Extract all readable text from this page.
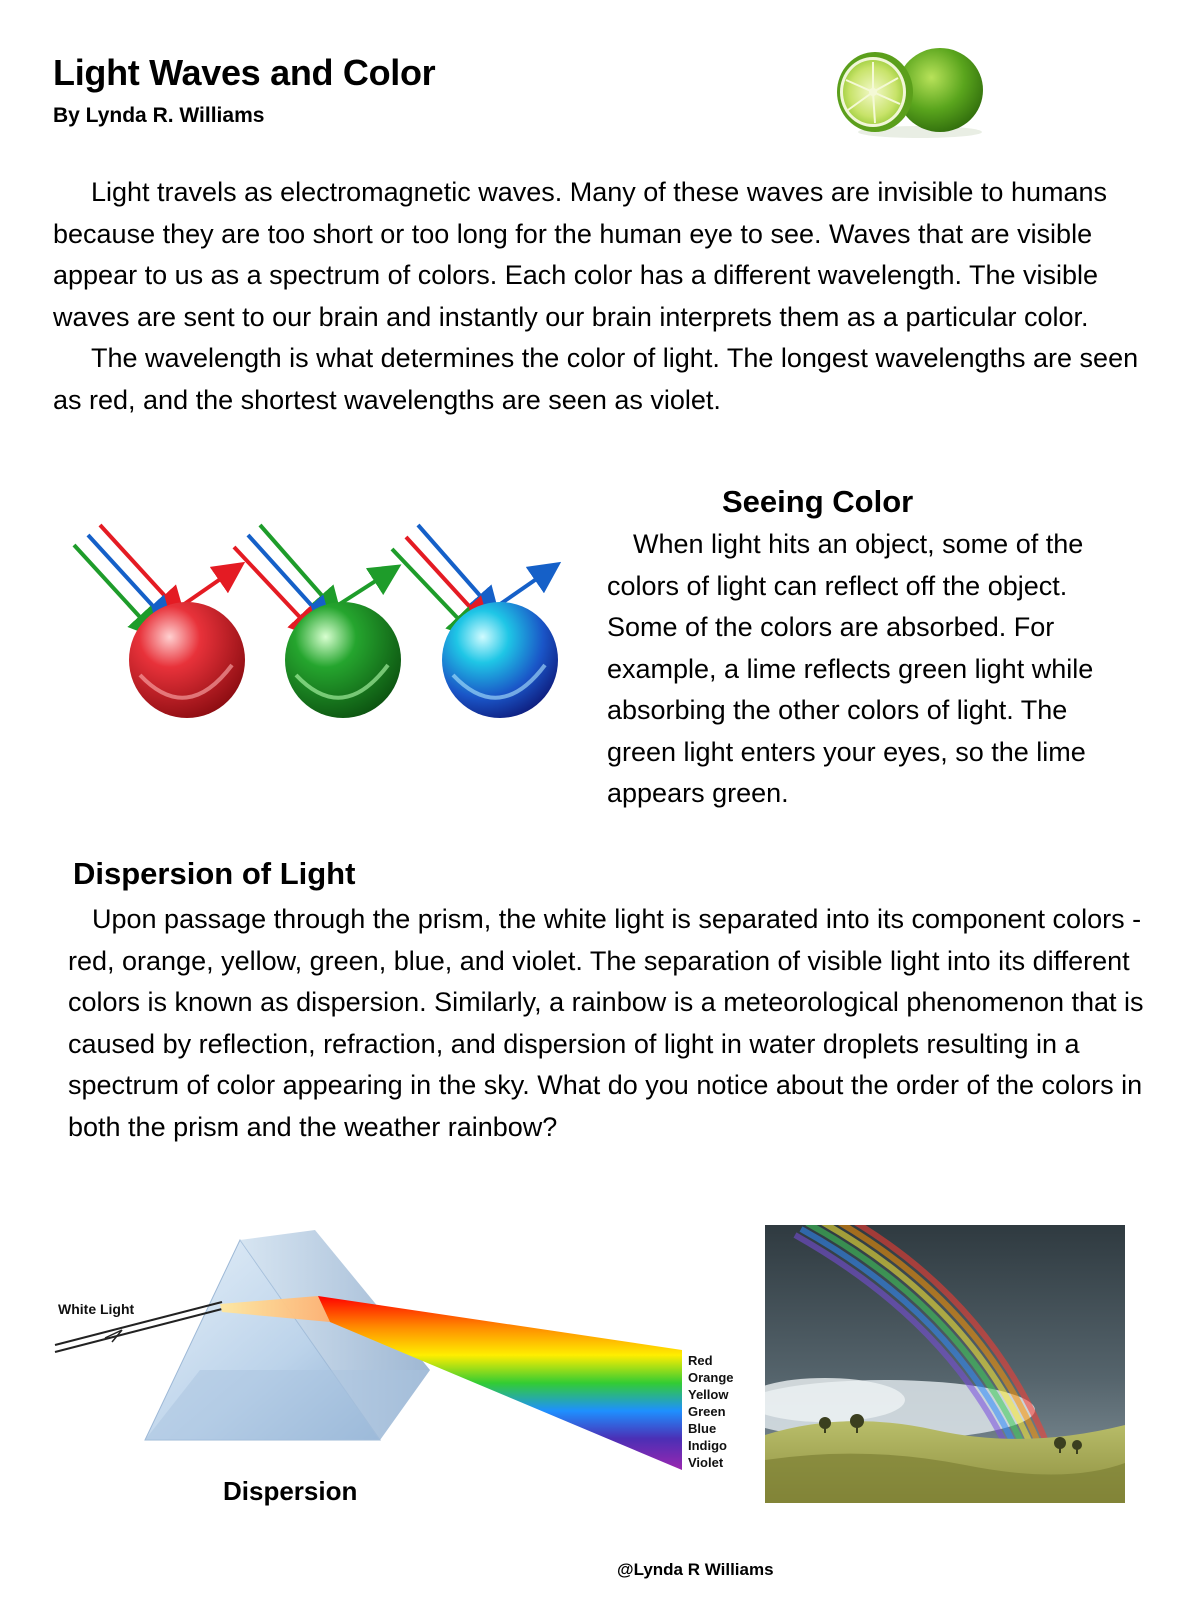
Light Waves and Color
By Lynda R. Williams

Light travels as electromagnetic waves. Many of these waves are invisible to humans because they are too short or too long for the human eye to see. Waves that are visible appear to us as a spectrum of colors. Each color has a different wavelength. The visible waves are sent to our brain and instantly our brain interprets them as a particular color.

The wavelength is what determines the color of light. The longest wavelengths are seen as red, and the shortest wavelengths are seen as violet.

Seeing Color
When light hits an object, some of the colors of light can reflect off the object. Some of the colors are absorbed. For example, a lime reflects green light while absorbing the other colors of light. The green light enters your eyes, so the lime appears green.
Dispersion of Light
Upon passage through the prism, the white light is separated into its component colors - red, orange, yellow, green, blue, and violet. The separation of visible light into its different colors is known as dispersion. Similarly, a rainbow is a meteorological phenomenon that is caused by reflection, refraction, and dispersion of light in water droplets resulting in a spectrum of color appearing in the sky. What do you notice about the order of the colors in both the prism and the weather rainbow?
White Light
Red
Orange
Yellow
Green
Blue
Indigo
Violet
Dispersion
@Lynda R Williams
